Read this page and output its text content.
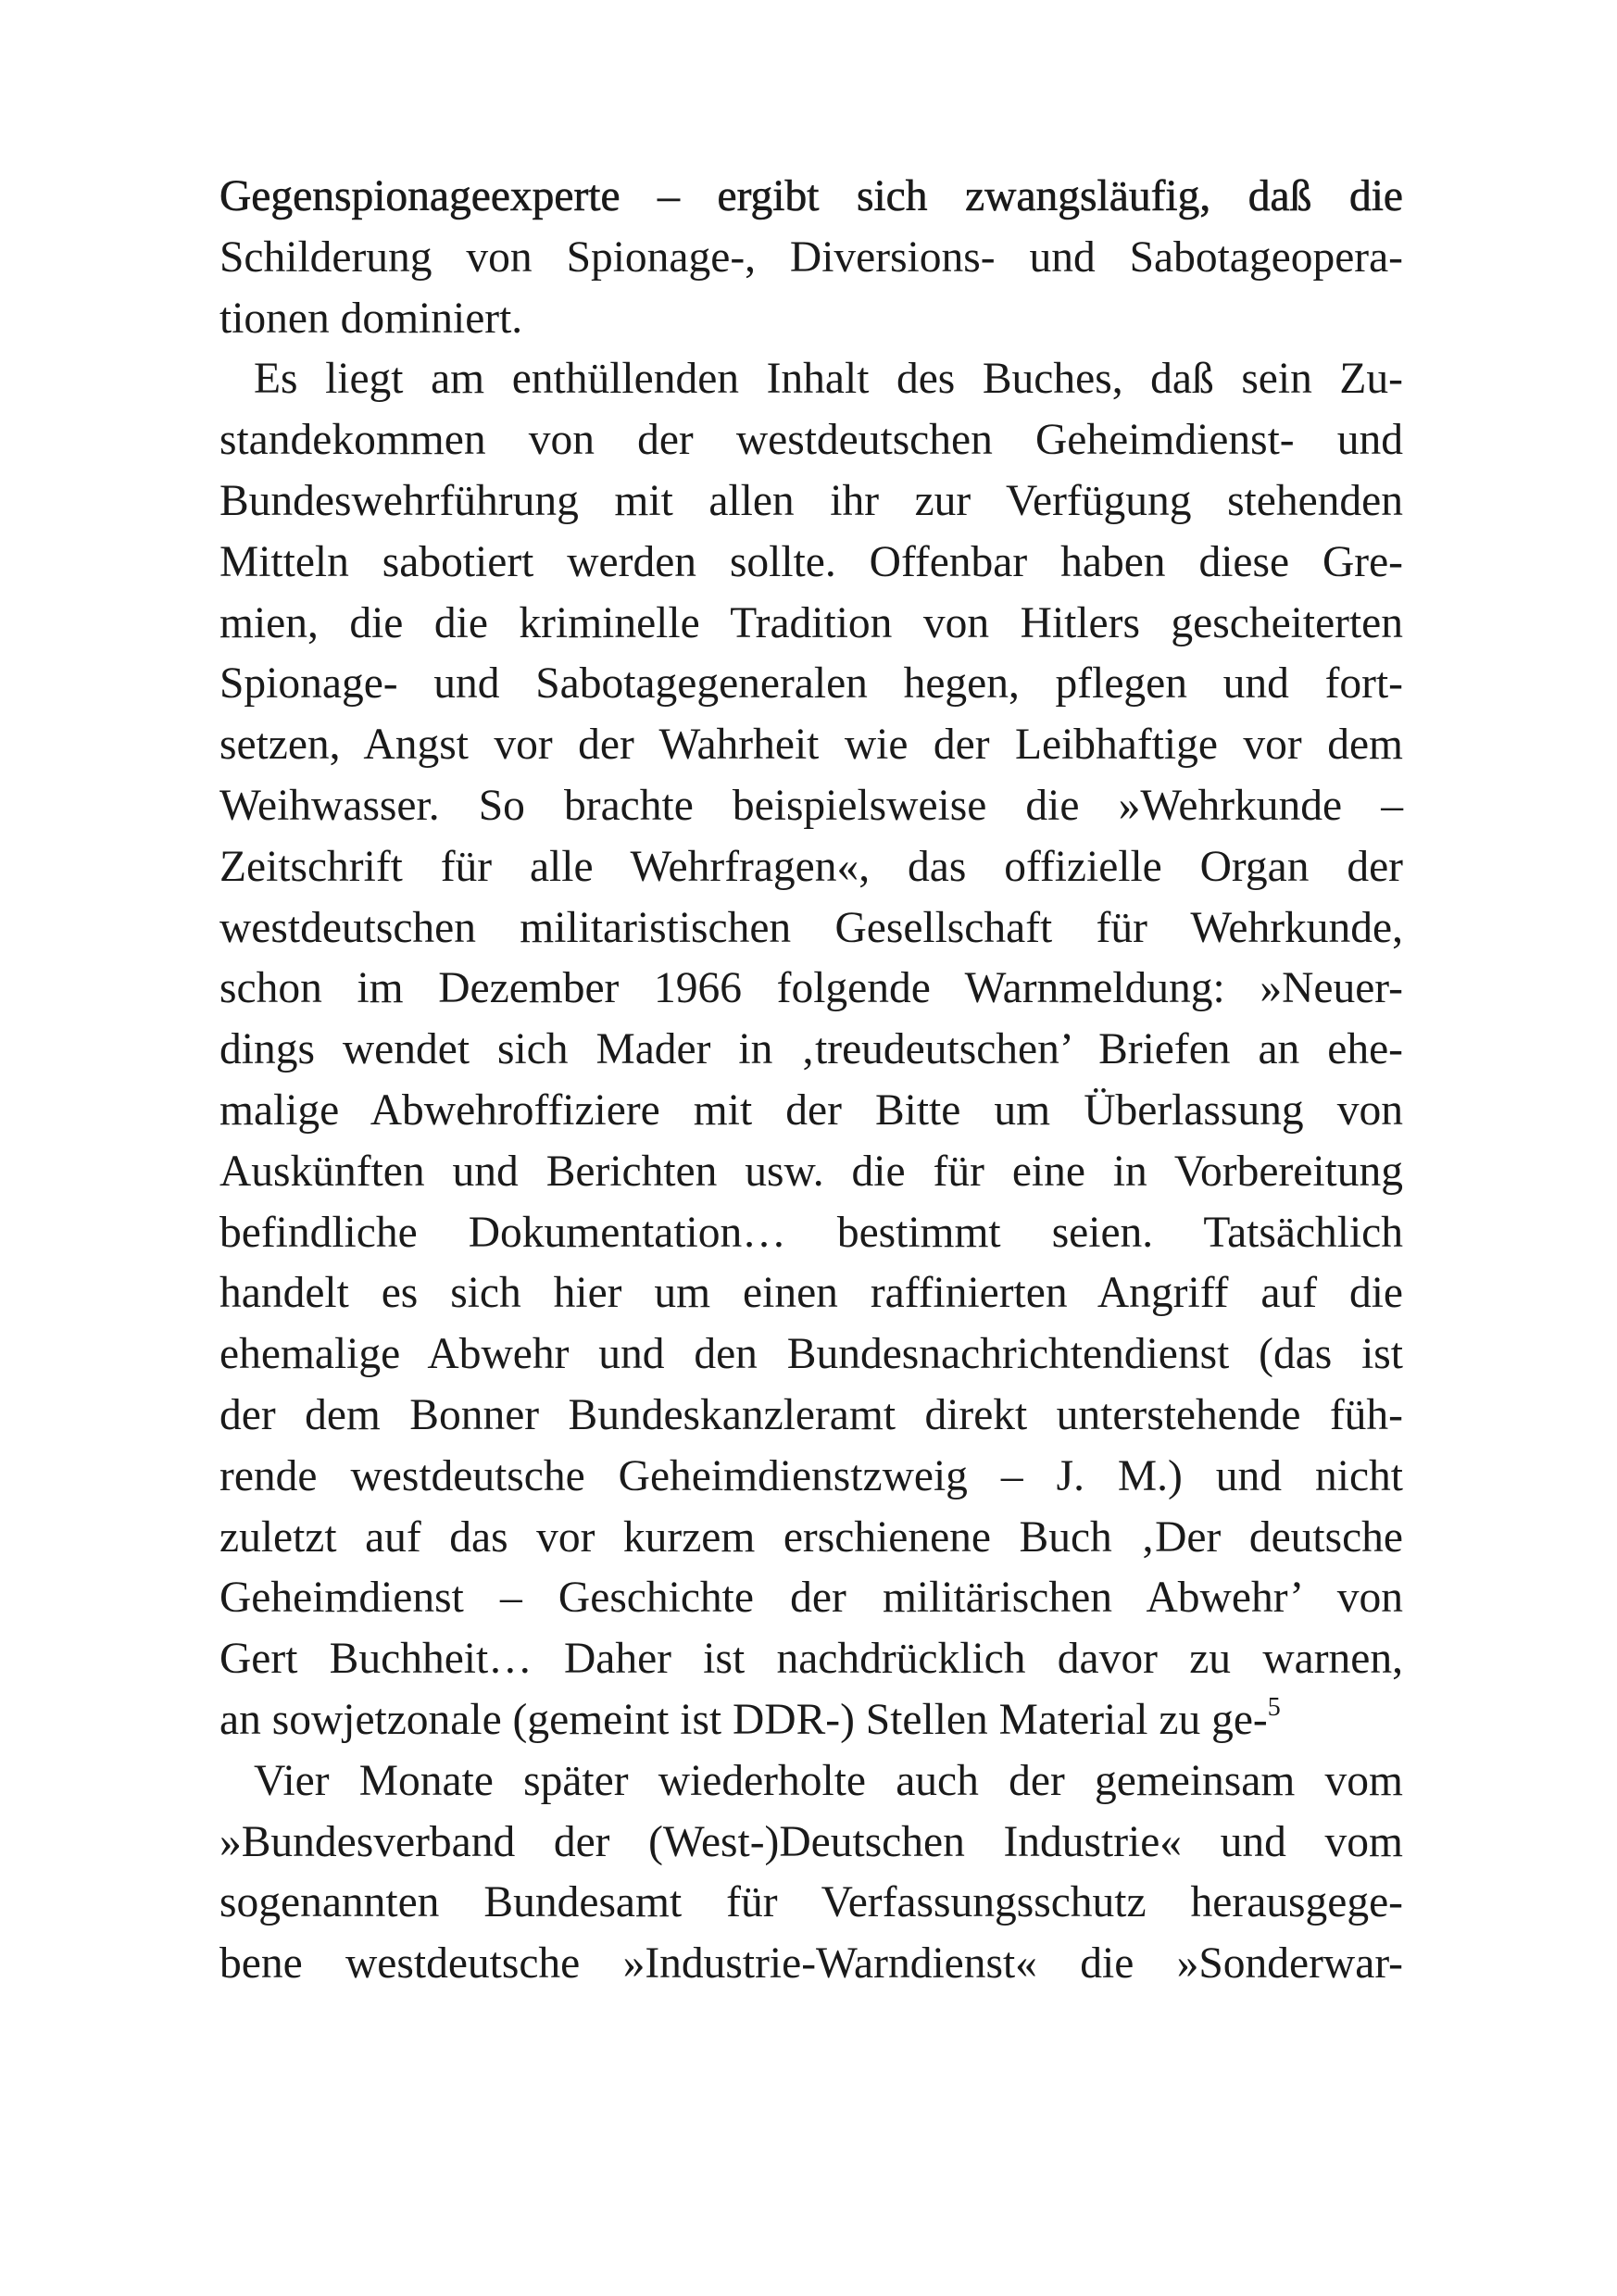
Gegenspionageexperte – ergibt sich zwangsläufig, daß die
Schilderung von Spionage-, Diversions- und Sabotageopera-
tionen dominiert.
Es liegt am enthüllenden Inhalt des Buches, daß sein Zu-
standekommen von der westdeutschen Geheimdienst- und
Bundeswehrführung mit allen ihr zur Verfügung stehenden
Mitteln sabotiert werden sollte. Offenbar haben diese Gre-
mien, die die kriminelle Tradition von Hitlers gescheiterten
Spionage- und Sabotagegeneralen hegen, pflegen und fort-
setzen, Angst vor der Wahrheit wie der Leibhaftige vor dem
Weihwasser. So brachte beispielsweise die »Wehrkunde –
Zeitschrift für alle Wehrfragen«, das offizielle Organ der
westdeutschen militaristischen Gesellschaft für Wehrkunde,
schon im Dezember 1966 folgende Warnmeldung: »Neuer-
dings wendet sich Mader in ‚treudeutschen’ Briefen an ehe-
malige Abwehroffiziere mit der Bitte um Überlassung von
Auskünften und Berichten usw. die für eine in Vorbereitung
befindliche Dokumentation… bestimmt seien. Tatsächlich
handelt es sich hier um einen raffinierten Angriff auf die
ehemalige Abwehr und den Bundesnachrichtendienst (das ist
der dem Bonner Bundeskanzleramt direkt unterstehende füh-
rende westdeutsche Geheimdienstzweig – J. M.) und nicht
zuletzt auf das vor kurzem erschienene Buch ‚Der deutsche
Geheimdienst – Geschichte der militärischen Abwehr’ von
Gert Buchheit… Daher ist nachdrücklich davor zu warnen,
an sowjetzonale (gemeint ist DDR-) Stellen Material zu ge-$^5$
Vier Monate später wiederholte auch der gemeinsam vom
»Bundesverband der (West-)Deutschen Industrie« und vom
sogenannten Bundesamt für Verfassungsschutz herausgege-
bene westdeutsche »Industrie-Warndienst« die »Sonderwar-
